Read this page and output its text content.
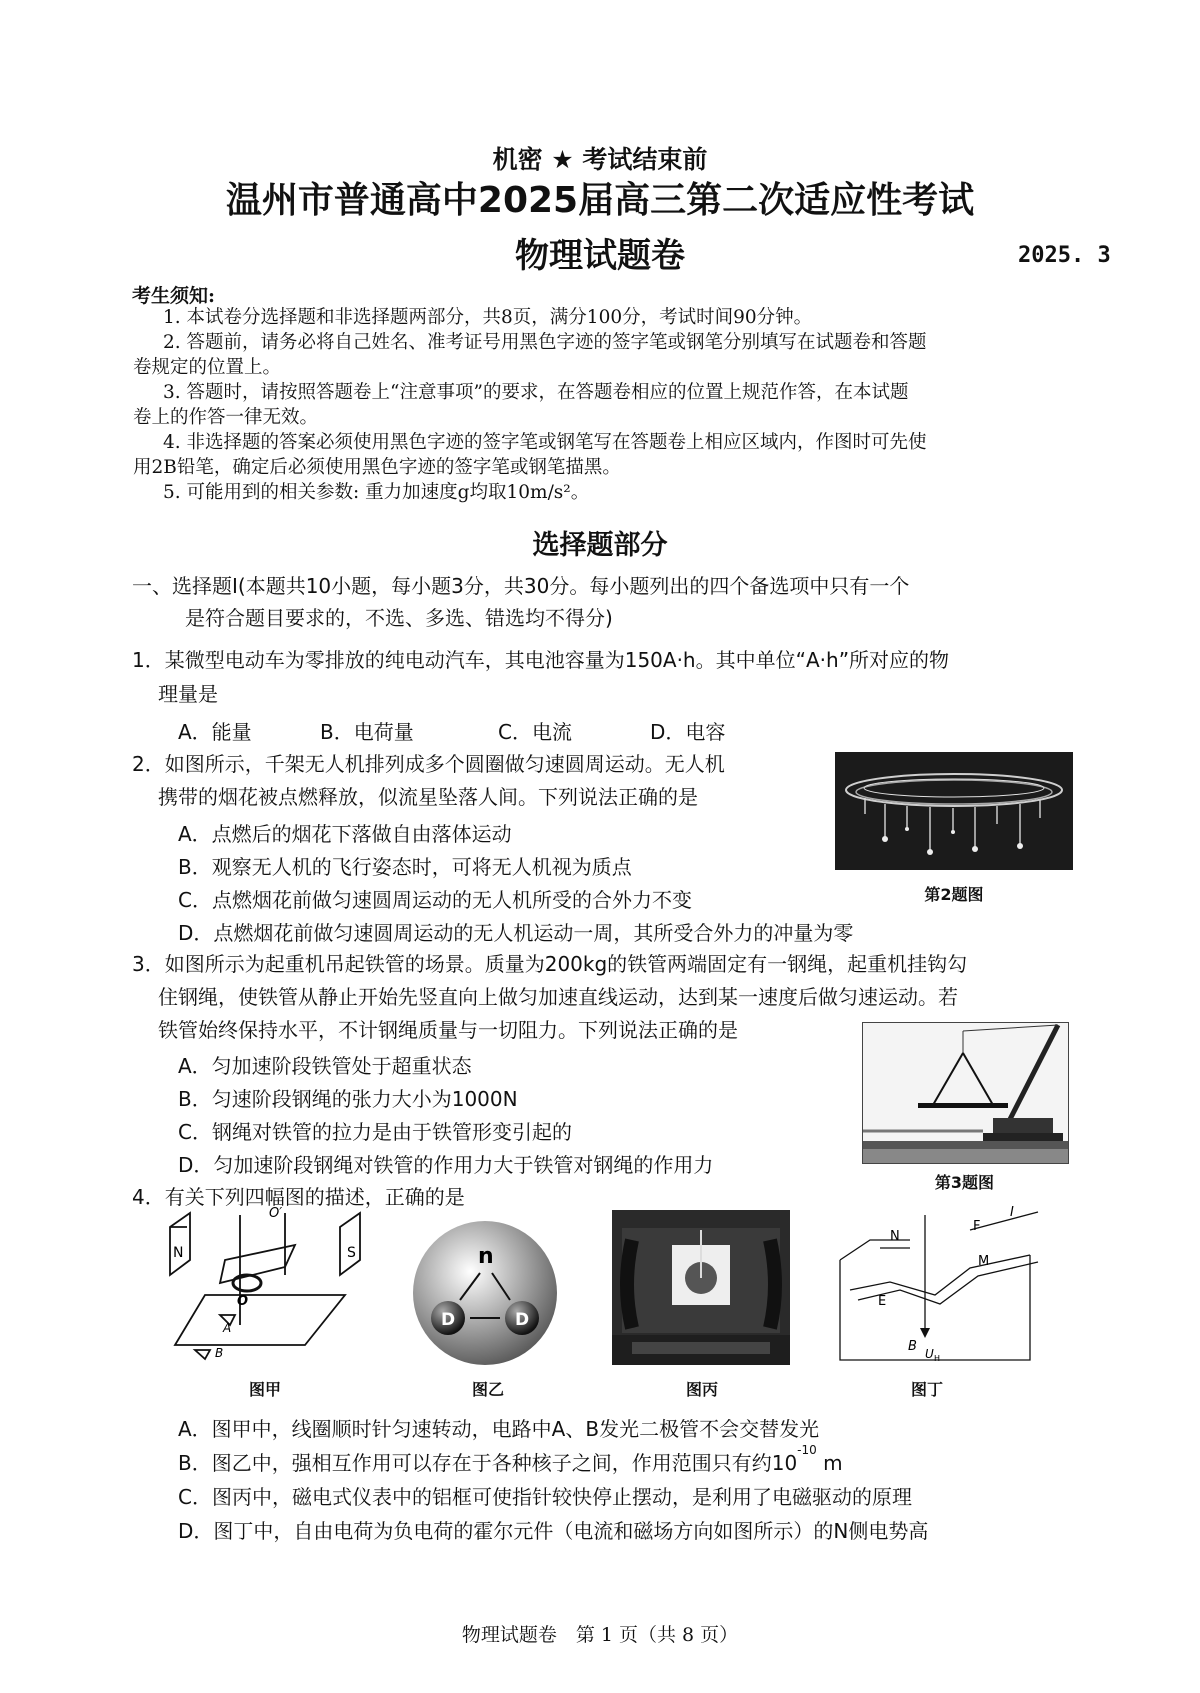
机密 ★ 考试结束前
温州市普通高中2025届高三第二次适应性考试
物理试题卷	2025. 3
考生须知:
1. 本试卷分选择题和非选择题两部分，共8页，满分100分，考试时间90分钟。
2. 答题前，请务必将自己姓名、准考证号用黑色字迹的签字笔或钢笔分别填写在试题卷和答题
卷规定的位置上。
3. 答题时，请按照答题卷上“注意事项”的要求，在答题卷相应的位置上规范作答，在本试题
卷上的作答一律无效。
4. 非选择题的答案必须使用黑色字迹的签字笔或钢笔写在答题卷上相应区域内，作图时可先使
用2B铅笔，确定后必须使用黑色字迹的签字笔或钢笔描黑。
5. 可能用到的相关参数: 重力加速度g均取10m/s²。
选择题部分
一、选择题Ⅰ(本题共10小题，每小题3分，共30分。每小题列出的四个备选项中只有一个
是符合题目要求的，不选、多选、错选均不得分)
1．某微型电动车为零排放的纯电动汽车，其电池容量为150A·h。其中单位“A·h”所对应的物
理量是
A．能量	B．电荷量	C．电流	D．电容
2．如图所示，千架无人机排列成多个圆圈做匀速圆周运动。无人机
携带的烟花被点燃释放，似流星坠落人间。下列说法正确的是
A．点燃后的烟花下落做自由落体运动
B．观察无人机的飞行姿态时，可将无人机视为质点
C．点燃烟花前做匀速圆周运动的无人机所受的合外力不变
D．点燃烟花前做匀速圆周运动的无人机运动一周，其所受合外力的冲量为零
第2题图
3．如图所示为起重机吊起铁管的场景。质量为200kg的铁管两端固定有一钢绳，起重机挂钩勾
住钢绳，使铁管从静止开始先竖直向上做匀加速直线运动，达到某一速度后做匀速运动。若
铁管始终保持水平，不计钢绳质量与一切阻力。下列说法正确的是
A．匀加速阶段铁管处于超重状态
B．匀速阶段钢绳的张力大小为1000N
C．钢绳对铁管的拉力是由于铁管形变引起的
D．匀加速阶段钢绳对铁管的作用力大于铁管对钢绳的作用力
第3题图
4．有关下列四幅图的描述，正确的是
N	S
O
O′
A
B
n
D	D
N
F
I
M
E
B U H
图甲	图乙	图丙	图丁
A．图甲中，线圈顺时针匀速转动，电路中A、B发光二极管不会交替发光
B．图乙中，强相互作用可以存在于各种核子之间，作用范围只有约$10^{-10}$ m
C．图丙中，磁电式仪表中的铝框可使指针较快停止摆动，是利用了电磁驱动的原理
D．图丁中，自由电荷为负电荷的霍尔元件（电流和磁场方向如图所示）的N侧电势高
物理试题卷　第 1 页（共 8 页）
